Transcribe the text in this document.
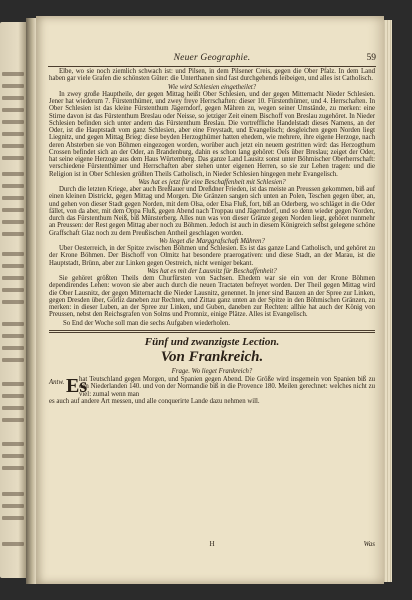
Neuer Geographie.	59

Elbe, wo sie noch ziemlich schwach ist: und Pilsen, in dem Pilsener Creis, gegen die Ober Pfalz. In dem Land haben gar viele Grafen die schönsten Güter: die Unterthanen sind fast durchgehends leibeigen, und alles ist Catholisch.

Wie wird Schlesien eingetheilet?

In zwey große Hauptheile, der gegen Mittag heißt Ober Schlesien, und der gegen Mitternacht Nieder Schlesien. Jener hat wiederum 7. Fürstenthümer, und zwey freye Herrschaften: dieser 10. Fürstenthümer, und 4. Herrschaften. In Ober Schlesien ist das kleine Fürstenthum Jägerndorf, gegen Mähren zu, wegen seiner Umstände, zu merken: eine Stirne davon ist das Fürstenthum Breslau oder Neisse, so jetziger Zeit einem Bischoff von Breslau zugehöret. In Nieder Schlesien befinden sich unter andern das Fürstenthum Breslau. Die vortreffliche Handelstadt dieses Namens, an der Oder, ist die Hauptstadt vom ganz Schlesien, aber eine Freystadt, und Evangelisch; desgleichen gegen Norden liegt Liegnitz, und gegen Mittag Brieg: diese beyden Herzogthümer hatten ehedem, wie mehrere, ihre eigene Herzoge, nach deren Absterben sie von Böhmen eingezogen worden, worüber auch jetzt ein neuem gestritten wird: das Herzogthum Crossen befindet sich an der Oder, an Brandenburg, dahin es schon lang gehöret: Oels über Breslau; zeiget der Oder, hat seine eigene Herzoge aus dem Haus Würtemberg. Das ganze Land Lausitz sonst unter Böhmischer Oberherrschaft: verschiedene Fürstenthümer und Herrschaften aber stehen unter eigenen Herren, so sie zur Lehen tragen: und die Religion ist in Ober Schlesien größten Theils Catholisch, in Nieder Schlesien hingegen mehr Evangelisch.

Was hat es jetzt für eine Beschaffenheit mit Schlesien?

Durch die letzten Kriege, aber auch Breßlauer und Dreßdner Frieden, ist das meiste an Preussen gekommen, biß auf einen kleinen Districkt, gegen Mittag und Morgen. Die Gränzen sangen sich unten an Polen, Teschen gegen über, an, und gehen von dieser Stadt gegen Norden, mit dem Olsa, oder Elsa Fluß, fort, biß an Oderberg, wo schläget in die Oder fället, von da aber, mit dem Oppa Fluß, gegen Abend nach Troppau und Jägerndorf, und so denn wieder gegen Norden, durch das Fürstenthum Neiß, biß Münsterberg. Alles nun was von dieser Gränze gegen Norden liegt, gehöret nunmehr an Preussen: der Rest gegen Mittag aber noch zu Böhmen. Jedoch ist auch in diesem Königreich selbst gelegene schöne Graffschaft Glaz noch zu dem Preußischen Antheil geschlagen worden.

Wo lieget die Marggrafschaft Mähren?

Uber Oesterreich, in der Spitze zwischen Böhmen und Schlesien. Es ist das ganze Land Catholisch, und gehöret zu der Krone Böhmen. Der Bischoff von Olmitz hat besondere praerogativen: und diese Stadt, an der Marau, ist die Hauptstadt, Brünn, aber zur Linken gegen Oestreich, nicht weniger bekant.

Was hat es mit der Lausnitz für Beschaffenheit?

Sie gehöret größten Theils dem Churfürsten von Sachsen. Ehedem war sie ein von der Krone Böhmen dependirendes Lehen: wovon sie aber auch durch die neuen Tractaten befreyet worden. Der Theil gegen Mittag wird die Ober Lausnitz, der gegen Mitternacht die Nieder Lausnitz, genennet. In jener sind Bauzen an der Spree zur Linken, gegen Dresden über, Görliz daneben zur Rechten, und Zittau ganz unten an der Spitze in den Böhmischen Gränzen, zu merken: in dieser Luben, an der Spree zur Linken, und Guben, daneben zur Rechten: allhie hat auch der König von Preussen, nebst den Reichsgrafen von Solms und Promniz, einige Plätze. Alles ist Evangelisch.

So End der Woche soll man die sechs Aufgaben wiederholen.

Fünf und zwanzigste Lection.
Von Frankreich.
Frage. Wo lieget Frankreich?
Antw. Es
hat Teutschland gegen Morgen, und Spanien gegen Abend. Die Größe wird insgemein von Spanien biß zu den Niederlanden 140. und von der Normandie biß in die Provence 180. Meilen gerechnet: welches nicht zu viel: zumal wenn man
es auch auf andere Art messen, und alle conquerirte Lande dazu nehmen will.
H	Was
